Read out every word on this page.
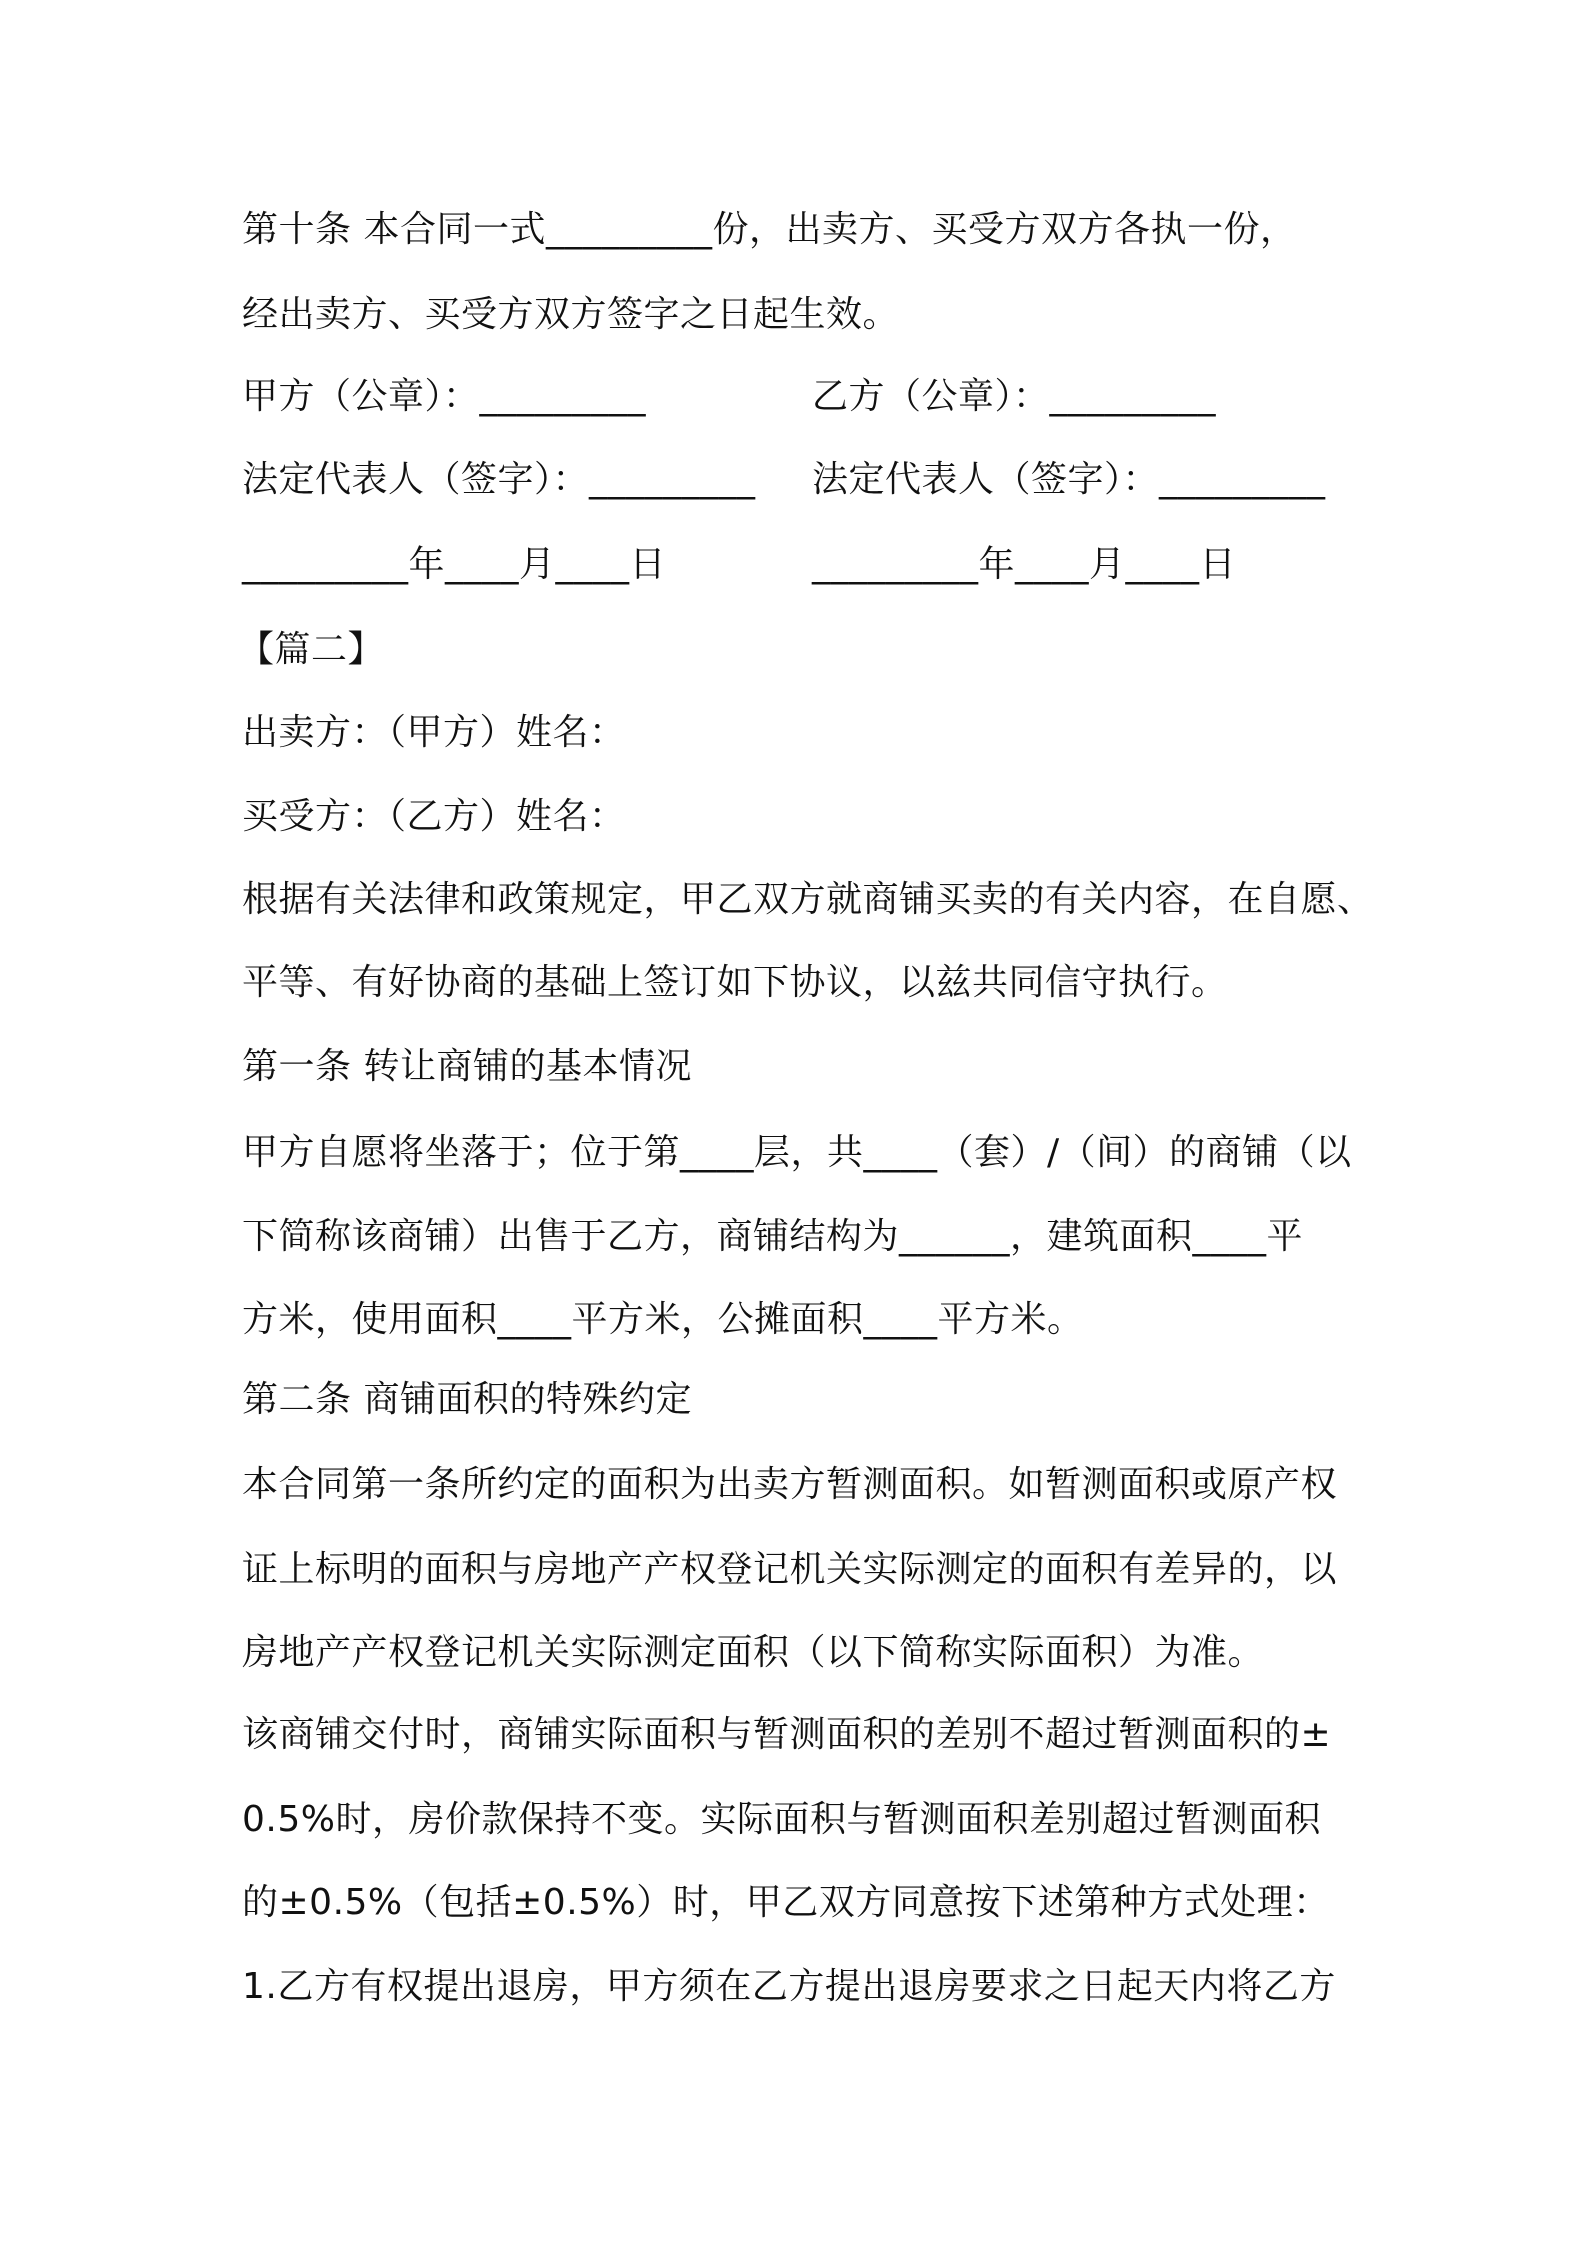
第十条 本合同一式_________份，出卖方、买受方双方各执一份，
经出卖方、买受方双方签字之日起生效。
甲方（公章）：_________	乙方（公章）：_________
法定代表人（签字）：_________ 法定代表人（签字）：_________
_________年____月____日	_________年____月____日
【篇二】
出卖方：（甲方）姓名：
买受方：（乙方）姓名：
根据有关法律和政策规定，甲乙双方就商铺买卖的有关内容，在自愿、
平等、有好协商的基础上签订如下协议，以兹共同信守执行。
第一条 转让商铺的基本情况
甲方自愿将坐落于；位于第____层，共____（套）/（间）的商铺（以
下简称该商铺）出售于乙方，商铺结构为______，建筑面积____平
方米，使用面积____平方米，公摊面积____平方米。
第二条 商铺面积的特殊约定
本合同第一条所约定的面积为出卖方暂测面积。如暂测面积或原产权
证上标明的面积与房地产产权登记机关实际测定的面积有差异的，以
房地产产权登记机关实际测定面积（以下简称实际面积）为准。
该商铺交付时，商铺实际面积与暂测面积的差别不超过暂测面积的±
0.5%时，房价款保持不变。实际面积与暂测面积差别超过暂测面积
的±0.5%（包括±0.5%）时，甲乙双方同意按下述第种方式处理：
1.乙方有权提出退房，甲方须在乙方提出退房要求之日起天内将乙方
